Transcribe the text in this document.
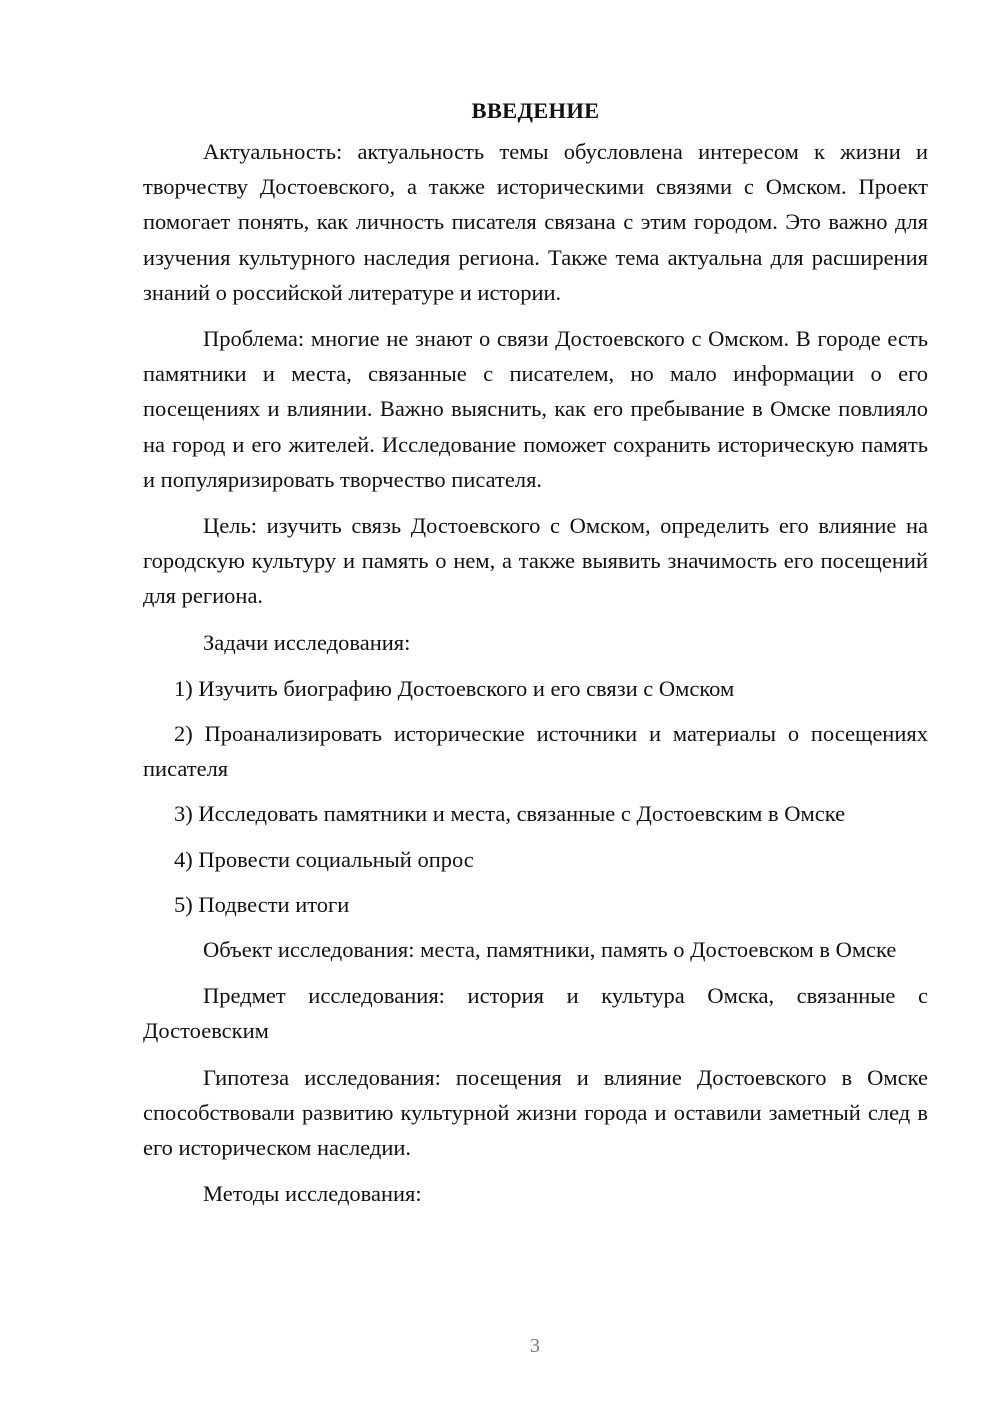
ВВЕДЕНИЕ

Актуальность: актуальность темы обусловлена интересом к жизни и творчеству Достоевского, а также историческими связями с Омском. Проект помогает понять, как личность писателя связана с этим городом. Это важно для изучения культурного наследия региона. Также тема актуальна для расширения знаний о российской литературе и истории.

Проблема: многие не знают о связи Достоевского с Омском. В городе есть памятники и места, связанные с писателем, но мало информации о его посещениях и влиянии. Важно выяснить, как его пребывание в Омске повлияло на город и его жителей. Исследование поможет сохранить историческую память и популяризировать творчество писателя.

Цель: изучить связь Достоевского с Омском, определить его влияние на городскую культуру и память о нем, а также выявить значимость его посещений для региона.

Задачи исследования:

1) Изучить биографию Достоевского и его связи с Омском

2) Проанализировать исторические источники и материалы о посещениях писателя

3) Исследовать памятники и места, связанные с Достоевским в Омске

4) Провести социальный опрос

5) Подвести итоги

Объект исследования: места, памятники, память о Достоевском в Омске

Предмет исследования: история и культура Омска, связанные с Достоевским

Гипотеза исследования: посещения и влияние Достоевского в Омске способствовали развитию культурной жизни города и оставили заметный след в его историческом наследии.

Методы исследования:

3
